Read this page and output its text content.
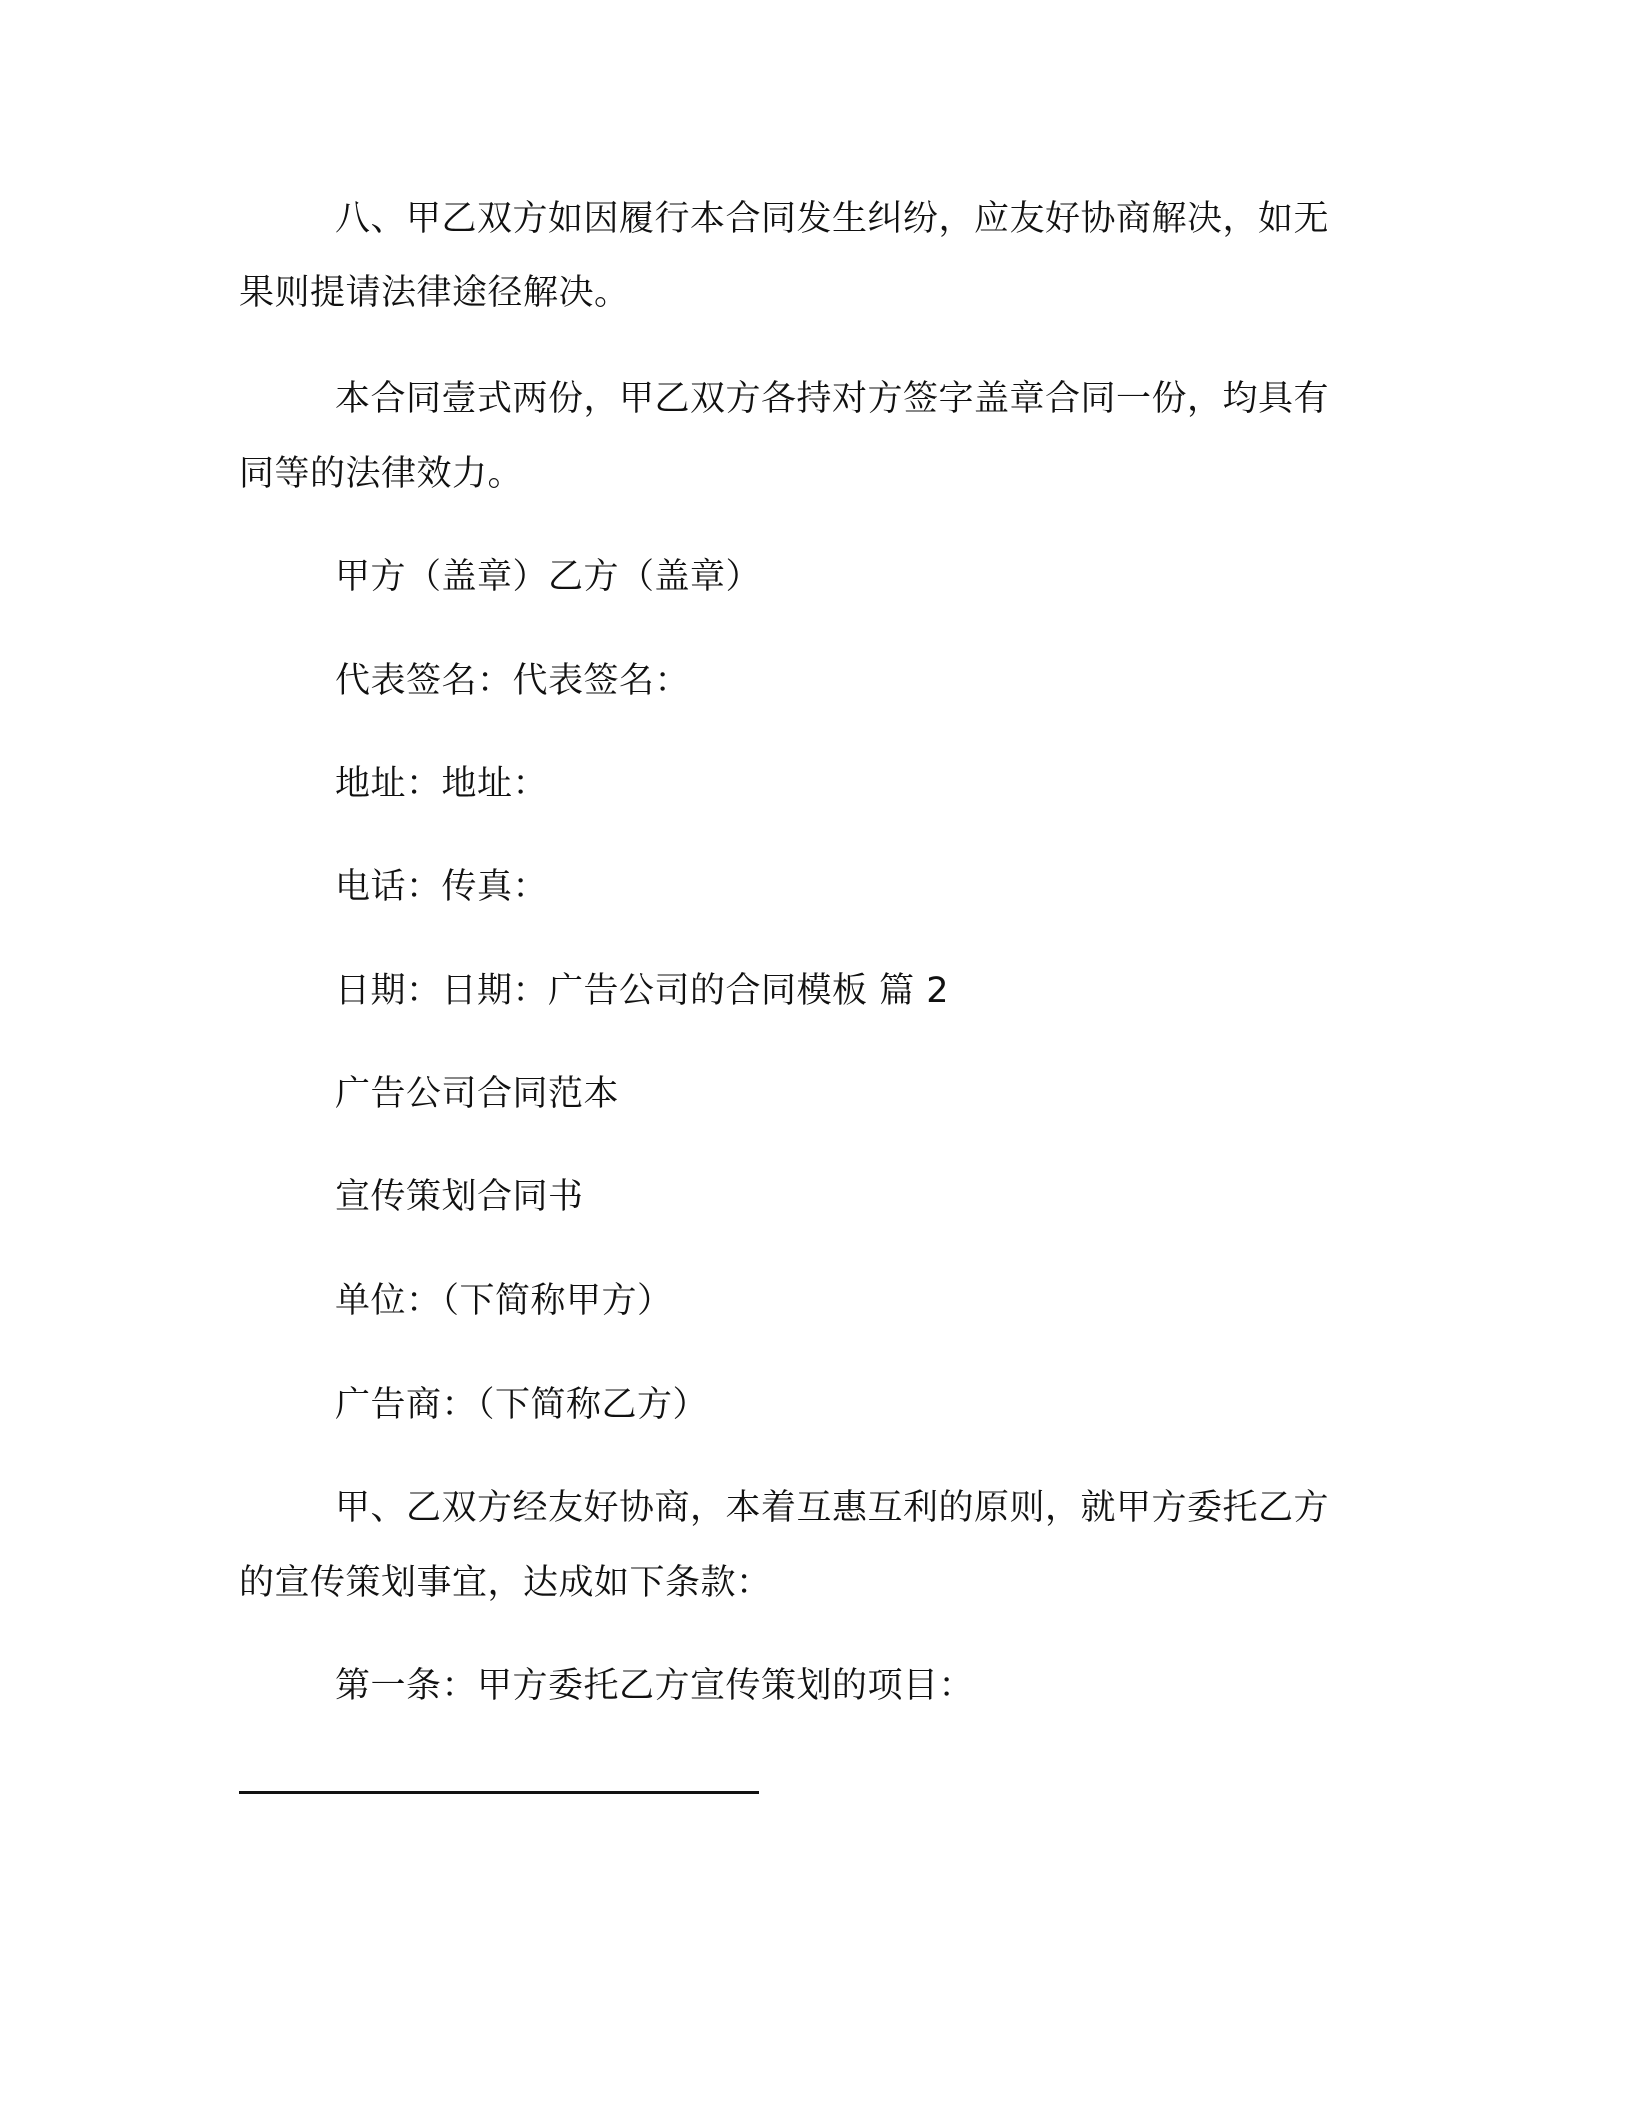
八、甲乙双方如因履行本合同发生纠纷，应友好协商解决，如无
果则提请法律途径解决。
本合同壹式两份，甲乙双方各持对方签字盖章合同一份，均具有
同等的法律效力。
甲方（盖章）乙方（盖章）
代表签名：代表签名：
地址：地址：
电话：传真：
日期：日期：广告公司的合同模板 篇 2
广告公司合同范本
宣传策划合同书
单位：（下简称甲方）
广告商：（下简称乙方）
甲、乙双方经友好协商，本着互惠互利的原则，就甲方委托乙方
的宣传策划事宜，达成如下条款：
第一条：甲方委托乙方宣传策划的项目：
